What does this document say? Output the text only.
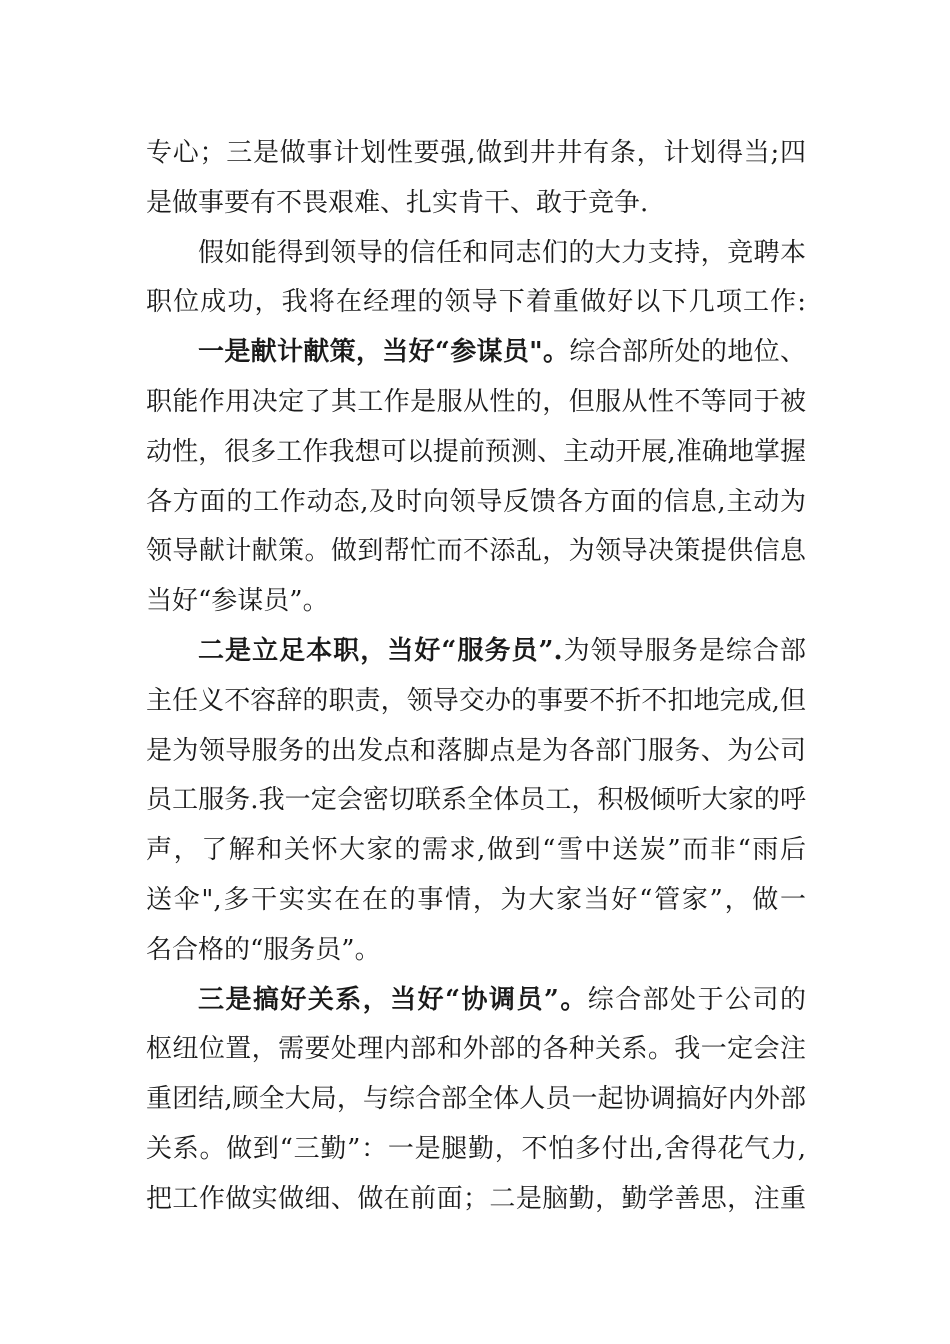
专心；三是做事计划性要强,做到井井有条，计划得当;四
是做事要有不畏艰难、扎实肯干、敢于竞争.
假如能得到领导的信任和同志们的大力支持，竞聘本
职位成功，我将在经理的领导下着重做好以下几项工作:
一是献计献策，当好“参谋员"。综合部所处的地位、
职能作用决定了其工作是服从性的，但服从性不等同于被
动性，很多工作我想可以提前预测、主动开展,准确地掌握
各方面的工作动态,及时向领导反馈各方面的信息,主动为
领导献计献策。做到帮忙而不添乱，为领导决策提供信息
当好“参谋员”。
二是立足本职，当好“服务员”.为领导服务是综合部
主任义不容辞的职责，领导交办的事要不折不扣地完成,但
是为领导服务的出发点和落脚点是为各部门服务、为公司
员工服务.我一定会密切联系全体员工，积极倾听大家的呼
声，了解和关怀大家的需求,做到“雪中送炭”而非“雨后
送伞",多干实实在在的事情，为大家当好“管家”，做一
名合格的“服务员”。
三是搞好关系，当好“协调员”。综合部处于公司的
枢纽位置，需要处理内部和外部的各种关系。我一定会注
重团结,顾全大局，与综合部全体人员一起协调搞好内外部
关系。做到“三勤”：一是腿勤，不怕多付出,舍得花气力,
把工作做实做细、做在前面；二是脑勤，勤学善思，注重
